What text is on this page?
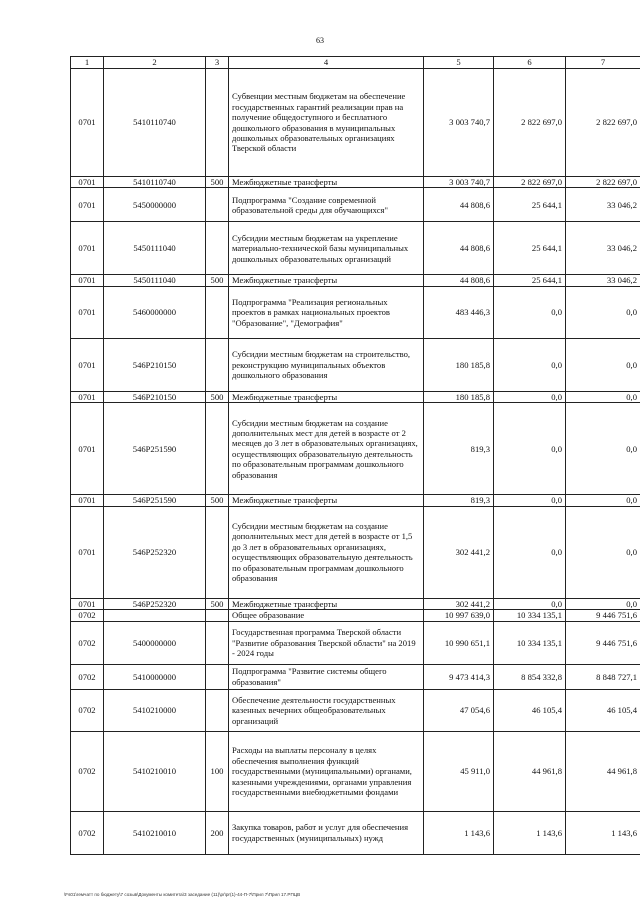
63
1	2	3	4	5	6	7
0701	5410110740		Субвенции местным бюджетам на обеспечение государственных гарантий реализации прав на получение общедоступного и бесплатного дошкольного образования в муниципальных дошкольных образовательных организациях Тверской области	3 003 740,7	2 822 697,0	2 822 697,0
0701	5410110740	500	Межбюджетные трансферты	3 003 740,7	2 822 697,0	2 822 697,0
0701	5450000000		Подпрограмма "Создание современной образовательной среды для обучающихся"	44 808,6	25 644,1	33 046,2
0701	5450111040		Субсидии местным бюджетам на укрепление материально-технической базы муниципальных дошкольных образовательных организаций	44 808,6	25 644,1	33 046,2
0701	5450111040	500	Межбюджетные трансферты	44 808,6	25 644,1	33 046,2
0701	5460000000		Подпрограмма "Реализация региональных проектов в рамках национальных проектов "Образование", "Демография"	483 446,3	0,0	0,0
0701	546P210150		Субсидии местным бюджетам на строительство, реконструкцию муниципальных объектов дошкольного образования	180 185,8	0,0	0,0
0701	546P210150	500	Межбюджетные трансферты	180 185,8	0,0	0,0
0701	546P251590		Субсидии местным бюджетам на создание дополнительных мест для детей в возрасте от 2 месяцев до 3 лет в образовательных организациях, осуществляющих образовательную деятельность по образовательным программам дошкольного образования	819,3	0,0	0,0
0701	546P251590	500	Межбюджетные трансферты	819,3	0,0	0,0
0701	546P252320		Субсидии местным бюджетам на создание дополнительных мест для детей в возрасте от 1,5 до 3 лет в образовательных организациях, осуществляющих образовательную деятельность по образовательным программам дошкольного образования	302 441,2	0,0	0,0
0701	546P252320	500	Межбюджетные трансферты	302 441,2	0,0	0,0
0702			Общее образование	10 997 639,0	10 334 135,1	9 446 751,6
0702	5400000000		Государственная программа Тверской области "Развитие образования Тверской области" на 2019 - 2024 годы	10 990 651,1	10 334 135,1	9 446 751,6
0702	5410000000		Подпрограмма "Развитие системы общего образования"	9 473 414,3	8 854 332,8	8 848 727,1
0702	5410210000		Обеспечение деятельности государственных казенных вечерних общеобразовательных организаций	47 054,6	46 105,4	46 105,4
0702	5410210010	100	Расходы на выплаты персоналу в целях обеспечения выполнения функций государственными (муниципальными) органами, казенными учреждениями, органами управления государственными внебюджетными фондами	45 911,0	44 961,8	44 961,8
0702	5410210010	200	Закупка товаров, работ и услуг для обеспечения государственных (муниципальных) нужд	1 143,6	1 143,6	1 143,6
\Fs01\гемчатт по бюджету\7 созыв\Документы комитета\3 заседание (11)\pr\pr(1)-44-П-7\Прил 7\Прил 17.РПЦВ
